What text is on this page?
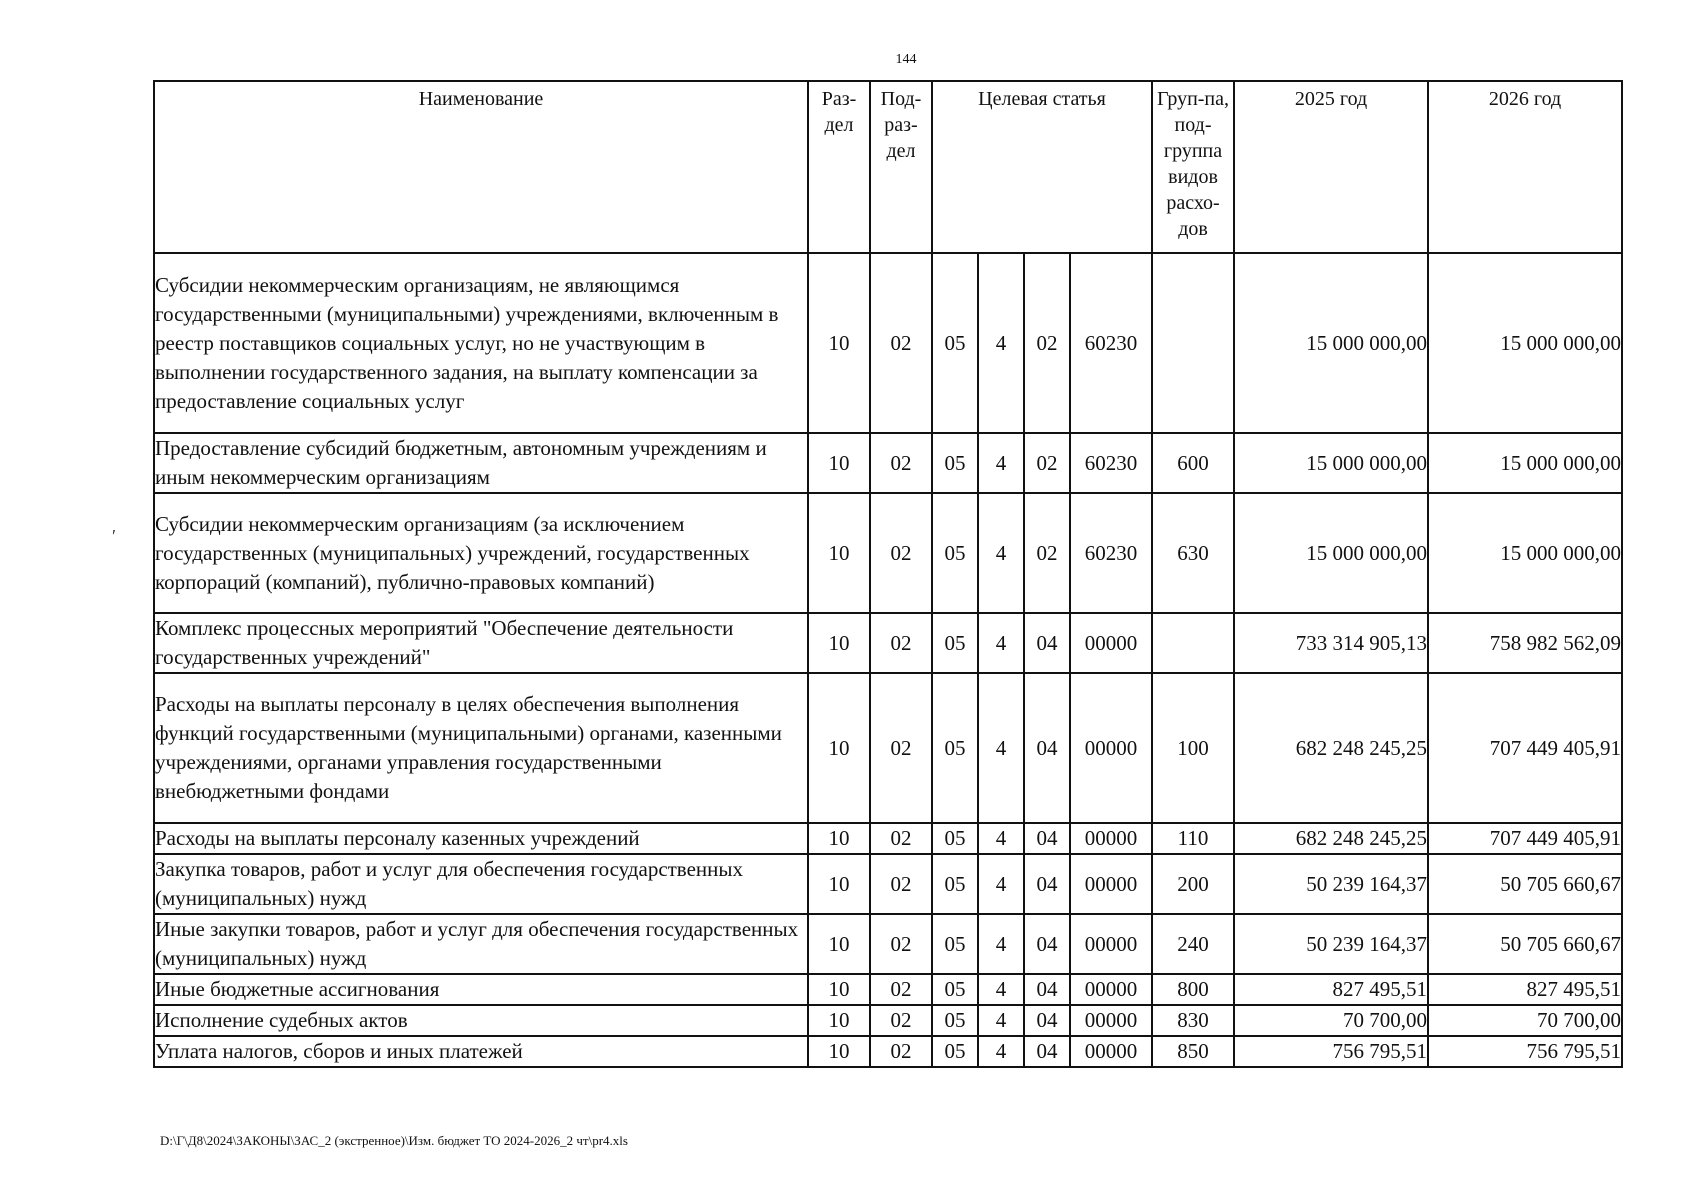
144
′
Наименование	Раз-дел	Под-раз-дел	Целевая статья				Груп-па, под-группа видов расхо-дов	2025 год	2026 год
Субсидии некоммерческим организациям, не являющимся государственными (муниципальными) учреждениями, включенным в реестр поставщиков социальных услуг, но не участвующим в выполнении государственного задания, на выплату компенсации за предоставление социальных услуг	10	02	05	4	02	60230		15 000 000,00	15 000 000,00
Предоставление субсидий бюджетным, автономным учреждениям и иным некоммерческим организациям	10	02	05	4	02	60230	600	15 000 000,00	15 000 000,00
Субсидии некоммерческим организациям (за исключением государственных (муниципальных) учреждений, государственных корпораций (компаний), публично-правовых компаний)	10	02	05	4	02	60230	630	15 000 000,00	15 000 000,00
Комплекс процессных мероприятий "Обеспечение деятельности государственных учреждений"	10	02	05	4	04	00000		733 314 905,13	758 982 562,09
Расходы на выплаты персоналу в целях обеспечения выполнения функций государственными (муниципальными) органами, казенными учреждениями, органами управления государственными внебюджетными фондами	10	02	05	4	04	00000	100	682 248 245,25	707 449 405,91
Расходы на выплаты персоналу казенных учреждений	10	02	05	4	04	00000	110	682 248 245,25	707 449 405,91
Закупка товаров, работ и услуг для обеспечения государственных (муниципальных) нужд	10	02	05	4	04	00000	200	50 239 164,37	50 705 660,67
Иные закупки товаров, работ и услуг для обеспечения государственных (муниципальных) нужд	10	02	05	4	04	00000	240	50 239 164,37	50 705 660,67
Иные бюджетные ассигнования	10	02	05	4	04	00000	800	827 495,51	827 495,51
Исполнение судебных актов	10	02	05	4	04	00000	830	70 700,00	70 700,00
Уплата налогов, сборов и иных платежей	10	02	05	4	04	00000	850	756 795,51	756 795,51
D:\Г\Д8\2024\ЗАКОНЫ\ЗАС_2 (экстренное)\Изм. бюджет ТО 2024-2026_2 чт\pr4.xls
